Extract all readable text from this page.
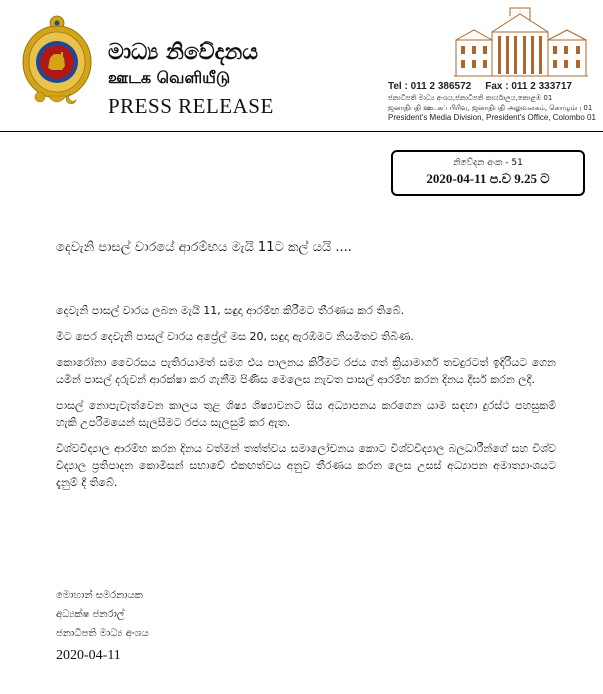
මාධ්‍ය නිවේදනය
ஊடக வெளியீடு
PRESS RELEASE
Tel : 011 2 386572 Fax : 011 2 333717
ජනාධිපති මාධ්‍ය අංශය,ජනාධිපති කාර්යාලය,කොළඹ 01
ஜனாதிபதி ஊடகப் பிரிவு, ஜனாதிபதி அலுவலகம், கொழும்பு 01
President's Media Division, President's Office, Colombo 01
නිවේදන අංක - 51
2020-04-11 ප.ව 9.25 ට
දෙවැනි පාසල් වාරයේ ආරම්භය මැයි 11ට කල් යයි ....

දෙවැනි පාසල් වාරය ලබන මැයි 11, සඳුදා ආරම්භ කිරීමට තීරණය කර තිබේ.

මීට පෙර දෙවැනි පාසල් වාරය අප්‍රේල් මස 20, සඳුදා ඇරඹීමට නියමිතව තිබිණ.

කොරෝනා වෛරසය පැතිරයාමත් සමග එය පාලනය කිරීමට රජය ගත් ක්‍රියාමාර්ග තවදුරටත් ඉදිරියට ගෙන යමින් පාසල් දරුවන් ආරක්ෂා කර ගැනීම පිණිස මෙලෙස නැවත පාසල් ආරම්භ කරන දිනය දීර්ඝ කරන ලදී.

පාසල් නොපැවැත්වෙන කාලය තුළ ශිෂ්‍ය ශිෂ්‍යාවනට සිය අධ්‍යාපනය කරගෙන යාම සඳහා දුරස්ථ පහසුකම් හැකි උපරිමයෙන් සැලසීමට රජය සැලසුම් කර ඇත.

විශ්වවිද්‍යාල ආරම්භ කරන දිනය වත්මන් තත්ත්වය සමාලෝචනය කොට විශ්වවිද්‍යාල බලධාරීන්ගේ සහ විශ්ව විද්‍යාල ප්‍රතිපාදන කොමිසන් සභාවේ එකඟත්වය අනුව තීරණය කරන ලෙස උසස් අධ්‍යාපන අමාත්‍යාංශයට දැනුම් දී තිබේ.

මොහාන් සමරනායක
අධ්‍යක්ෂ ජනරාල්
ජනාධිපති මාධ්‍ය අංශය
2020-04-11
